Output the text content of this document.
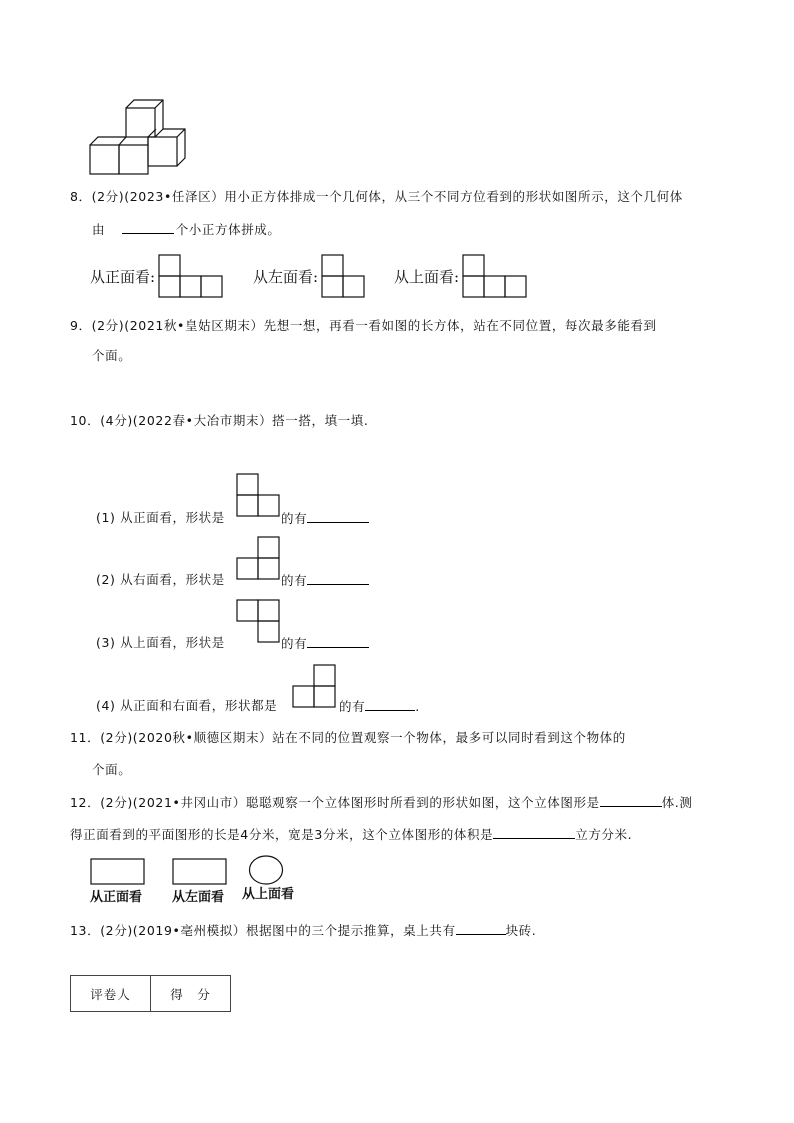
8．(2分)(2023•任泽区）用小正方体排成一个几何体，从三个不同方位看到的形状如图所示，这个几何体
由	个小正方体拼成。
从正面看:	从左面看:	从上面看:
9．(2分)(2021秋•皇姑区期末）先想一想，再看一看如图的长方体，站在不同位置，每次最多能看到
个面。
10．(4分)(2022春•大冶市期末）搭一搭，填一填.
(1) 从正面看，形状是	的有
(2) 从右面看，形状是	的有
(3) 从上面看，形状是	的有
(4) 从正面和右面看，形状都是	的有	.
11．(2分)(2020秋•顺德区期末）站在不同的位置观察一个物体，最多可以同时看到这个物体的
个面。
12．(2分)(2021•井冈山市）聪聪观察一个立体图形时所看到的形状如图，这个立体图形是	体.测
得正面看到的平面图形的长是4分米，宽是3分米，这个立体图形的体积是	立方分米.
从正面看 从左面看 从上面看
13．(2分)(2019•亳州模拟）根据图中的三个提示推算，桌上共有	块砖.
评卷人	得　分
